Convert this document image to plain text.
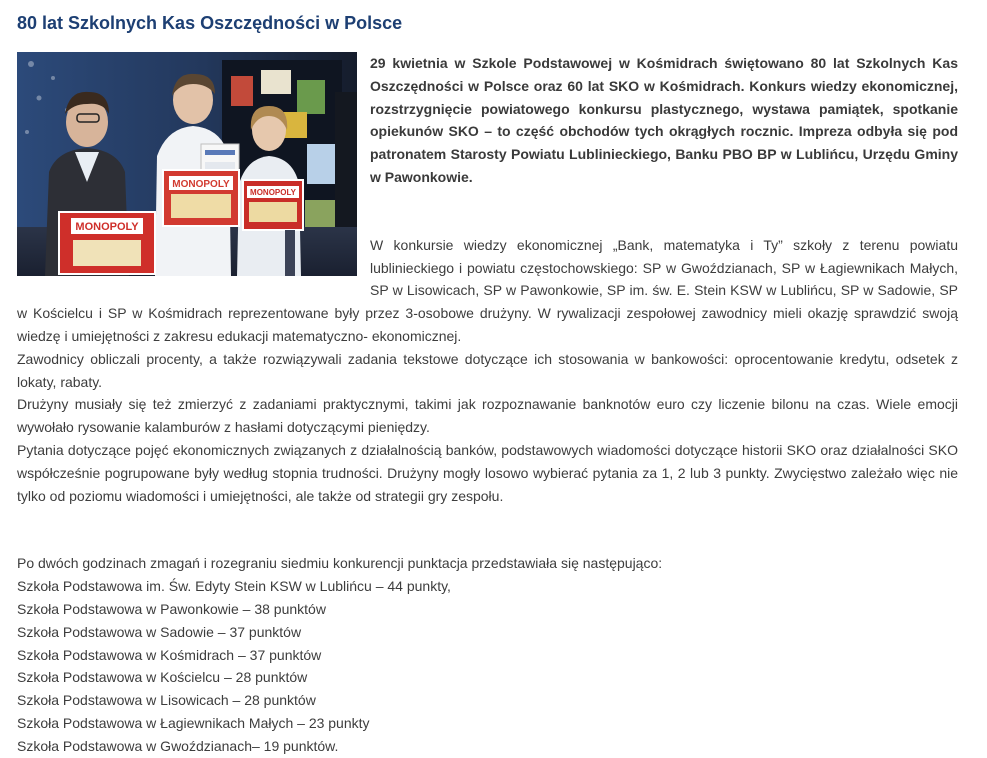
80 lat Szkolnych Kas Oszczędności w Polsce
MONOPOLY
MONOPOLY
MONOPOLY

29 kwietnia w Szkole Podstawowej w Kośmidrach świętowano 80 lat Szkolnych Kas Oszczędności w Polsce oraz 60 lat SKO w Kośmidrach. Konkurs wiedzy ekonomicznej, rozstrzygnięcie powiatowego konkursu plastycznego, wystawa pamiątek, spotkanie opiekunów SKO – to część obchodów tych okrągłych rocznic. Impreza odbyła się pod patronatem Starosty Powiatu Lublinieckiego, Banku PBO BP w Lublińcu, Urzędu Gminy w Pawonkowie.

W konkursie wiedzy ekonomicznej „Bank, matematyka i Ty” szkoły z terenu powiatu lublinieckiego i powiatu częstochowskiego: SP w Gwoździanach, SP w Łagiewnikach Małych, SP w Lisowicach, SP w Pawonkowie, SP im. św. E. Stein KSW w Lublińcu, SP w Sadowie, SP w Kościelcu i SP w Kośmidrach reprezentowane były przez 3-osobowe drużyny. W rywalizacji zespołowej zawodnicy mieli okazję sprawdzić swoją wiedzę i umiejętności z zakresu edukacji matematyczno- ekonomicznej.

Zawodnicy obliczali procenty, a także rozwiązywali zadania tekstowe dotyczące ich stosowania w bankowości: oprocentowanie kredytu, odsetek z lokaty, rabaty.

Drużyny musiały się też zmierzyć z zadaniami praktycznymi, takimi jak rozpoznawanie banknotów euro czy liczenie bilonu na czas. Wiele emocji wywołało rysowanie kalamburów z hasłami dotyczącymi pieniędzy.

Pytania dotyczące pojęć ekonomicznych związanych z działalnością banków, podstawowych wiadomości dotyczące historii SKO oraz działalności SKO współcześnie pogrupowane były według stopnia trudności. Drużyny mogły losowo wybierać pytania za 1, 2 lub 3 punkty. Zwycięstwo zależało więc nie tylko od poziomu wiadomości i umiejętności, ale także od strategii gry zespołu.

Po dwóch godzinach zmagań i rozegraniu siedmiu konkurencji punktacja przedstawiała się następująco:

Szkoła Podstawowa im. Św. Edyty Stein KSW w Lublińcu – 44 punkty,
Szkoła Podstawowa w Pawonkowie – 38 punktów
Szkoła Podstawowa w Sadowie – 37 punktów
Szkoła Podstawowa w Kośmidrach – 37 punktów
Szkoła Podstawowa w Kościelcu – 28 punktów
Szkoła Podstawowa w Lisowicach – 28 punktów
Szkoła Podstawowa w Łagiewnikach Małych – 23 punkty
Szkoła Podstawowa w Gwoździanach– 19 punktów.
